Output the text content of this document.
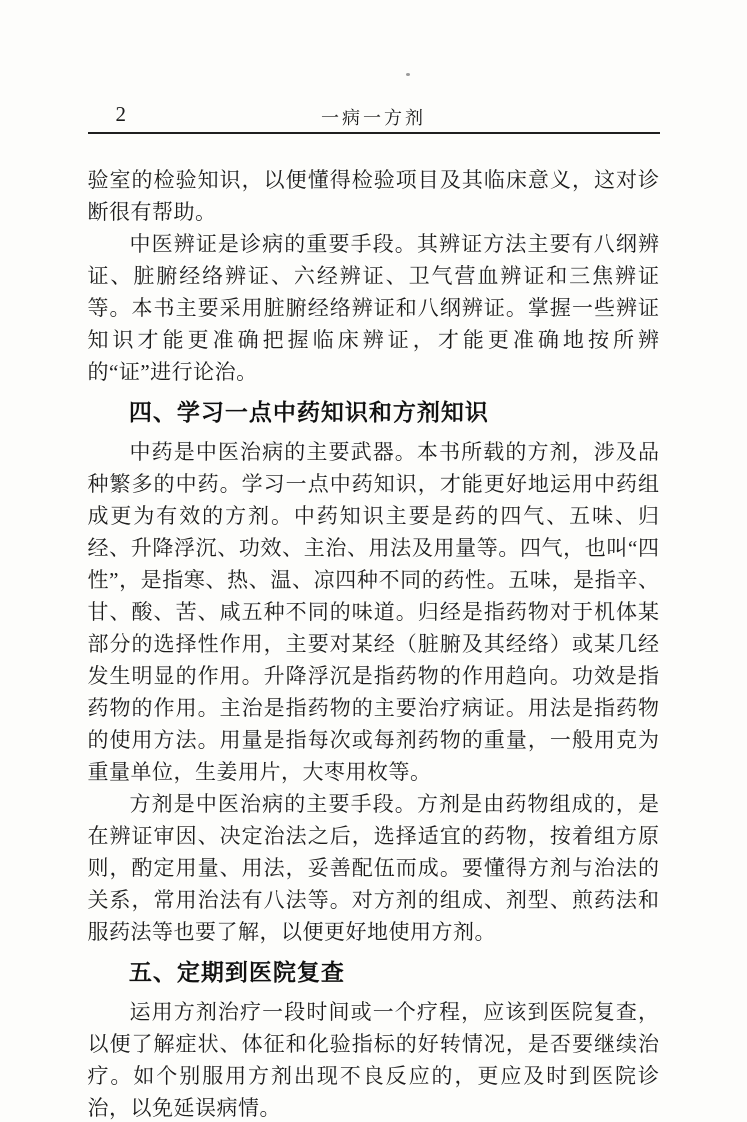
2	一病一方剂

验室的检验知识，以便懂得检验项目及其临床意义，这对诊断很有帮助。

中医辨证是诊病的重要手段。其辨证方法主要有八纲辨证、脏腑经络辨证、六经辨证、卫气营血辨证和三焦辨证等。本书主要采用脏腑经络辨证和八纲辨证。掌握一些辨证知识才能更准确把握临床辨证，才能更准确地按所辨的“证”进行论治。

四、学习一点中药知识和方剂知识

中药是中医治病的主要武器。本书所载的方剂，涉及品种繁多的中药。学习一点中药知识，才能更好地运用中药组成更为有效的方剂。中药知识主要是药的四气、五味、归经、升降浮沉、功效、主治、用法及用量等。四气，也叫“四性”，是指寒、热、温、凉四种不同的药性。五味，是指辛、甘、酸、苦、咸五种不同的味道。归经是指药物对于机体某部分的选择性作用，主要对某经（脏腑及其经络）或某几经发生明显的作用。升降浮沉是指药物的作用趋向。功效是指药物的作用。主治是指药物的主要治疗病证。用法是指药物的使用方法。用量是指每次或每剂药物的重量，一般用克为重量单位，生姜用片，大枣用枚等。

方剂是中医治病的主要手段。方剂是由药物组成的，是在辨证审因、决定治法之后，选择适宜的药物，按着组方原则，酌定用量、用法，妥善配伍而成。要懂得方剂与治法的关系，常用治法有八法等。对方剂的组成、剂型、煎药法和服药法等也要了解，以便更好地使用方剂。

五、定期到医院复查

运用方剂治疗一段时间或一个疗程，应该到医院复查，以便了解症状、体征和化验指标的好转情况，是否要继续治疗。如个别服用方剂出现不良反应的，更应及时到医院诊治，以免延误病情。
